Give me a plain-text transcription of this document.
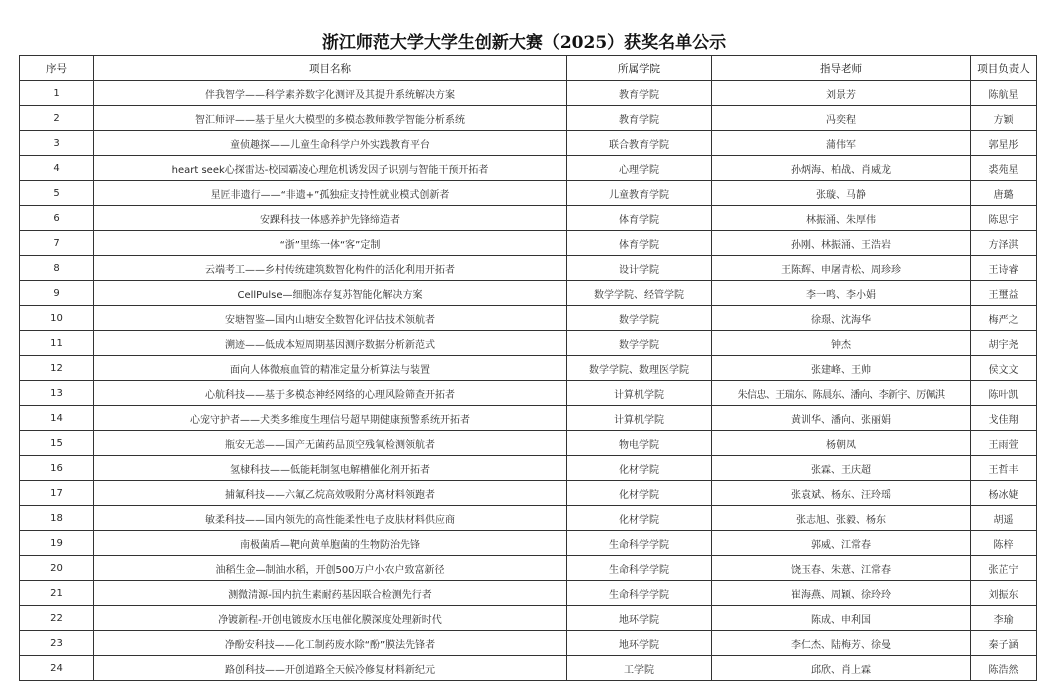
浙江师范大学大学生创新大赛（2025）获奖名单公示
序号	项目名称	所属学院	指导老师	项目负责人
1	伴我智学——科学素养数字化测评及其提升系统解决方案	教育学院	刘景芳	陈航星
2	智汇师评——基于星火大模型的多模态教师教学智能分析系统	教育学院	冯奕程	方颖
3	童侦趣探——儿童生命科学户外实践教育平台	联合教育学院	蒲伟军	郭星彤
4	heart seek心探雷达-校园霸凌心理危机诱发因子识别与智能干预开拓者	心理学院	孙炳海、柏战、肖威龙	裘苑星
5	星匠非遗行——“非遗+”孤独症支持性就业模式创新者	儿童教育学院	张璇、马静	唐璐
6	安踝科技一体感养护先锋缔造者	体育学院	林振涌、朱厚伟	陈思宇
7	“浙”里练一体“客”定制	体育学院	孙刚、林振涌、王浩岩	方泽淇
8	云端考工——乡村传统建筑数智化构件的活化利用开拓者	设计学院	王陈辉、申屠青松、周珍珍	王诗睿
9	CellPulse—细胞冻存复苏智能化解决方案	数学学院、经管学院	李一鸣、李小娟	王璽益
10	安塘智鉴—国内山塘安全数智化评估技术领航者	数学学院	徐璟、沈海华	梅严之
11	溯迹——低成本短周期基因测序数据分析新范式	数学学院	钟杰	胡宇尧
12	面向人体微痕血管的精准定量分析算法与装置	数学学院、数理医学院	张建峰、王帅	侯文文
13	心航科技——基于多模态神经网络的心理风险筛查开拓者	计算机学院	朱信忠、王瑞东、陈晨东、潘向、李新宇、厉佩淇	陈叶凯
14	心宠守护者——犬类多维度生理信号超早期健康预警系统开拓者	计算机学院	黄训华、潘向、张丽娟	戈佳翔
15	瓶安无恙——国产无菌药品顶空残氧检测领航者	物电学院	杨朝凤	王雨萱
16	氢棣科技——低能耗制氢电解槽催化剂开拓者	化材学院	张霖、王庆超	王哲丰
17	捕氟科技——六氟乙烷高效吸附分离材料领跑者	化材学院	张袁斌、杨东、汪玲瑶	杨冰婕
18	敏柔科技——国内领先的高性能柔性电子皮肤材料供应商	化材学院	张志旭、张毅、杨东	胡遥
19	南极菌盾—靶向黄单胞菌的生物防治先锋	生命科学学院	郭威、江常春	陈梓
20	油稻生金—制油水稻，开创500万户小农户致富新径	生命科学学院	饶玉春、朱薏、江常春	张芷宁
21	测微清源-国内抗生素耐药基因联合检测先行者	生命科学学院	崔海燕、周颖、徐玲玲	刘振东
22	净镀新程-开创电镀废水压电催化膜深度处理新时代	地环学院	陈成、申利国	李瑜
23	净酚安科技——化工制药废水除“酚”膜法先锋者	地环学院	李仁杰、陆梅芳、徐曼	秦子涵
24	路创科技——开创道路全天候冷修复材料新纪元	工学院	邱欣、肖上霖	陈浩然
